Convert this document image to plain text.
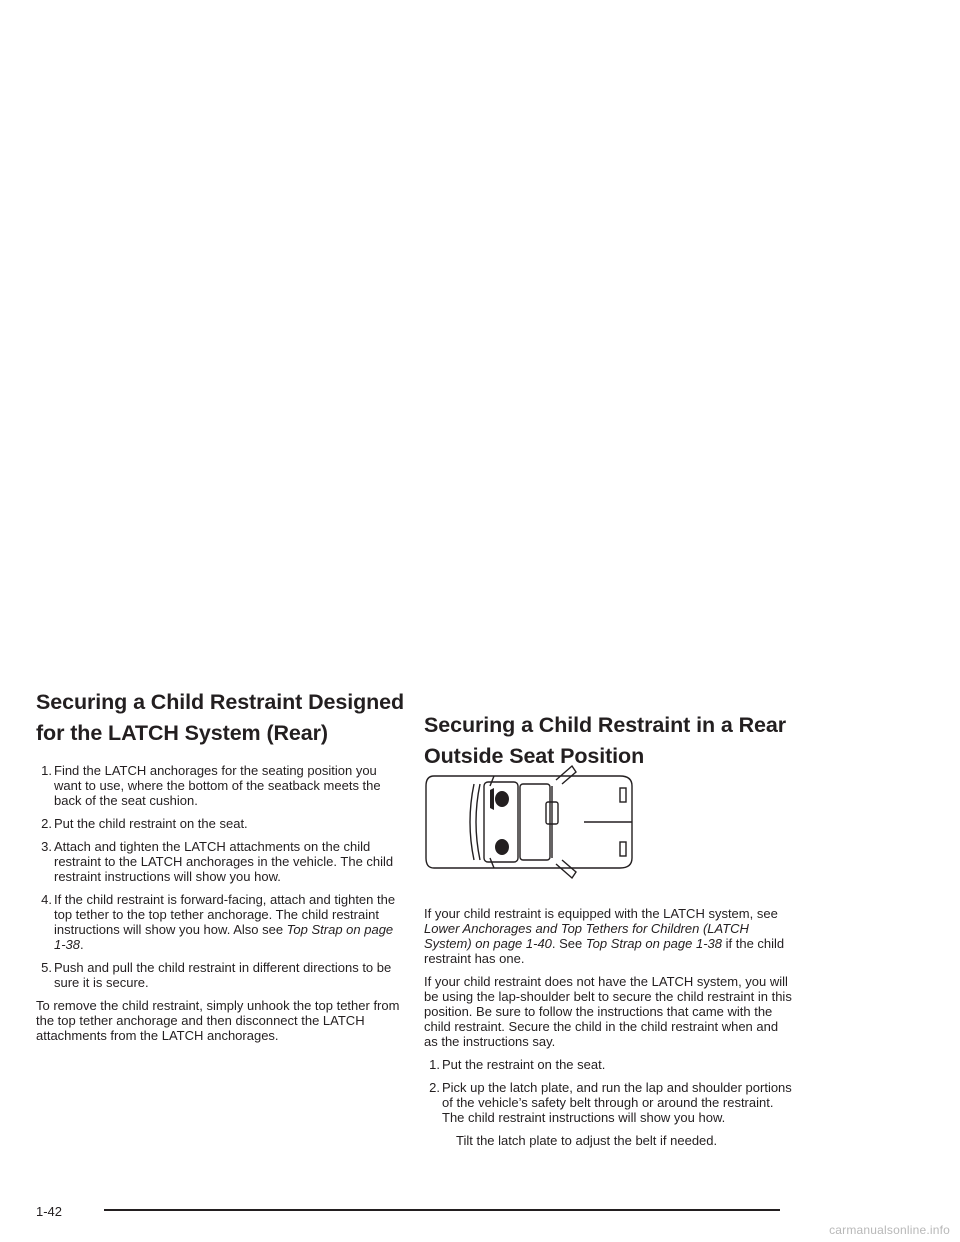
Securing a Child Restraint Designed
for the LATCH System (Rear)
1. Find the LATCH anchorages for the seating position you want to use, where the bottom of the seatback meets the back of the seat cushion.
2. Put the child restraint on the seat.
3. Attach and tighten the LATCH attachments on the child restraint to the LATCH anchorages in the vehicle. The child restraint instructions will show you how.
4. If the child restraint is forward-facing, attach and tighten the top tether to the top tether anchorage. The child restraint instructions will show you how. Also see Top Strap on page 1-38.
5. Push and pull the child restraint in different directions to be sure it is secure.

To remove the child restraint, simply unhook the top tether from the top tether anchorage and then disconnect the LATCH attachments from the LATCH anchorages.

Securing a Child Restraint in a Rear
Outside Seat Position

If your child restraint is equipped with the LATCH system, see Lower Anchorages and Top Tethers for Children (LATCH System) on page 1-40. See Top Strap on page 1-38 if the child restraint has one.

If your child restraint does not have the LATCH system, you will be using the lap-shoulder belt to secure the child restraint in this position. Be sure to follow the instructions that came with the child restraint. Secure the child in the child restraint when and as the instructions say.

1. Put the restraint on the seat.
2. Pick up the latch plate, and run the lap and shoulder portions of the vehicle’s safety belt through or around the restraint. The child restraint instructions will show you how.

Tilt the latch plate to adjust the belt if needed.

1-42
carmanualsonline.info
